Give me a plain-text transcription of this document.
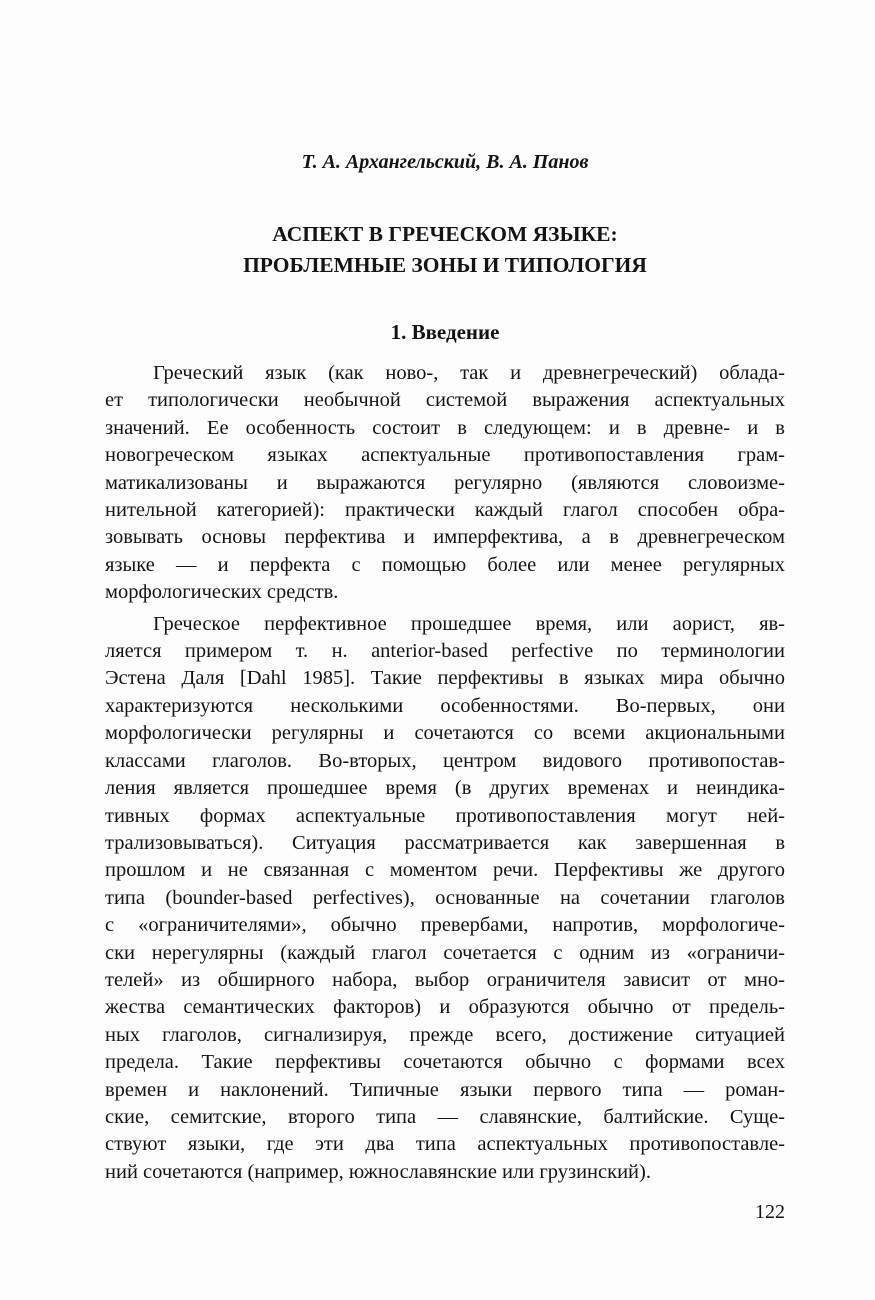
Т. А. Архангельский, В. А. Панов
АСПЕКТ В ГРЕЧЕСКОМ ЯЗЫКЕ:
ПРОБЛЕМНЫЕ ЗОНЫ И ТИПОЛОГИЯ
1. Введение
Греческий язык (как ново-, так и древнегреческий) облада-
ет типологически необычной системой выражения аспектуальных
значений. Ее особенность состоит в следующем: и в древне- и в
новогреческом языках аспектуальные противопоставления грам-
матикализованы и выражаются регулярно (являются словоизме-
нительной категорией): практически каждый глагол способен обра-
зовывать основы перфектива и имперфектива, а в древнегреческом
языке — и перфекта с помощью более или менее регулярных
морфологических средств.
Греческое перфективное прошедшее время, или аорист, яв-
ляется примером т. н. anterior-based perfective по терминологии
Эстена Даля [Dahl 1985]. Такие перфективы в языках мира обычно
характеризуются несколькими особенностями. Во-первых, они
морфологически регулярны и сочетаются со всеми акциональными
классами глаголов. Во-вторых, центром видового противопостав-
ления является прошедшее время (в других временах и неиндика-
тивных формах аспектуальные противопоставления могут ней-
трализовываться). Ситуация рассматривается как завершенная в
прошлом и не связанная с моментом речи. Перфективы же другого
типа (bounder-based perfectives), основанные на сочетании глаголов
с «ограничителями», обычно превербами, напротив, морфологиче-
ски нерегулярны (каждый глагол сочетается с одним из «ограничи-
телей» из обширного набора, выбор ограничителя зависит от мно-
жества семантических факторов) и образуются обычно от предель-
ных глаголов, сигнализируя, прежде всего, достижение ситуацией
предела. Такие перфективы сочетаются обычно с формами всех
времен и наклонений. Типичные языки первого типа — роман-
ские, семитские, второго типа — славянские, балтийские. Суще-
ствуют языки, где эти два типа аспектуальных противопоставле-
ний сочетаются (например, южнославянские или грузинский).
122
